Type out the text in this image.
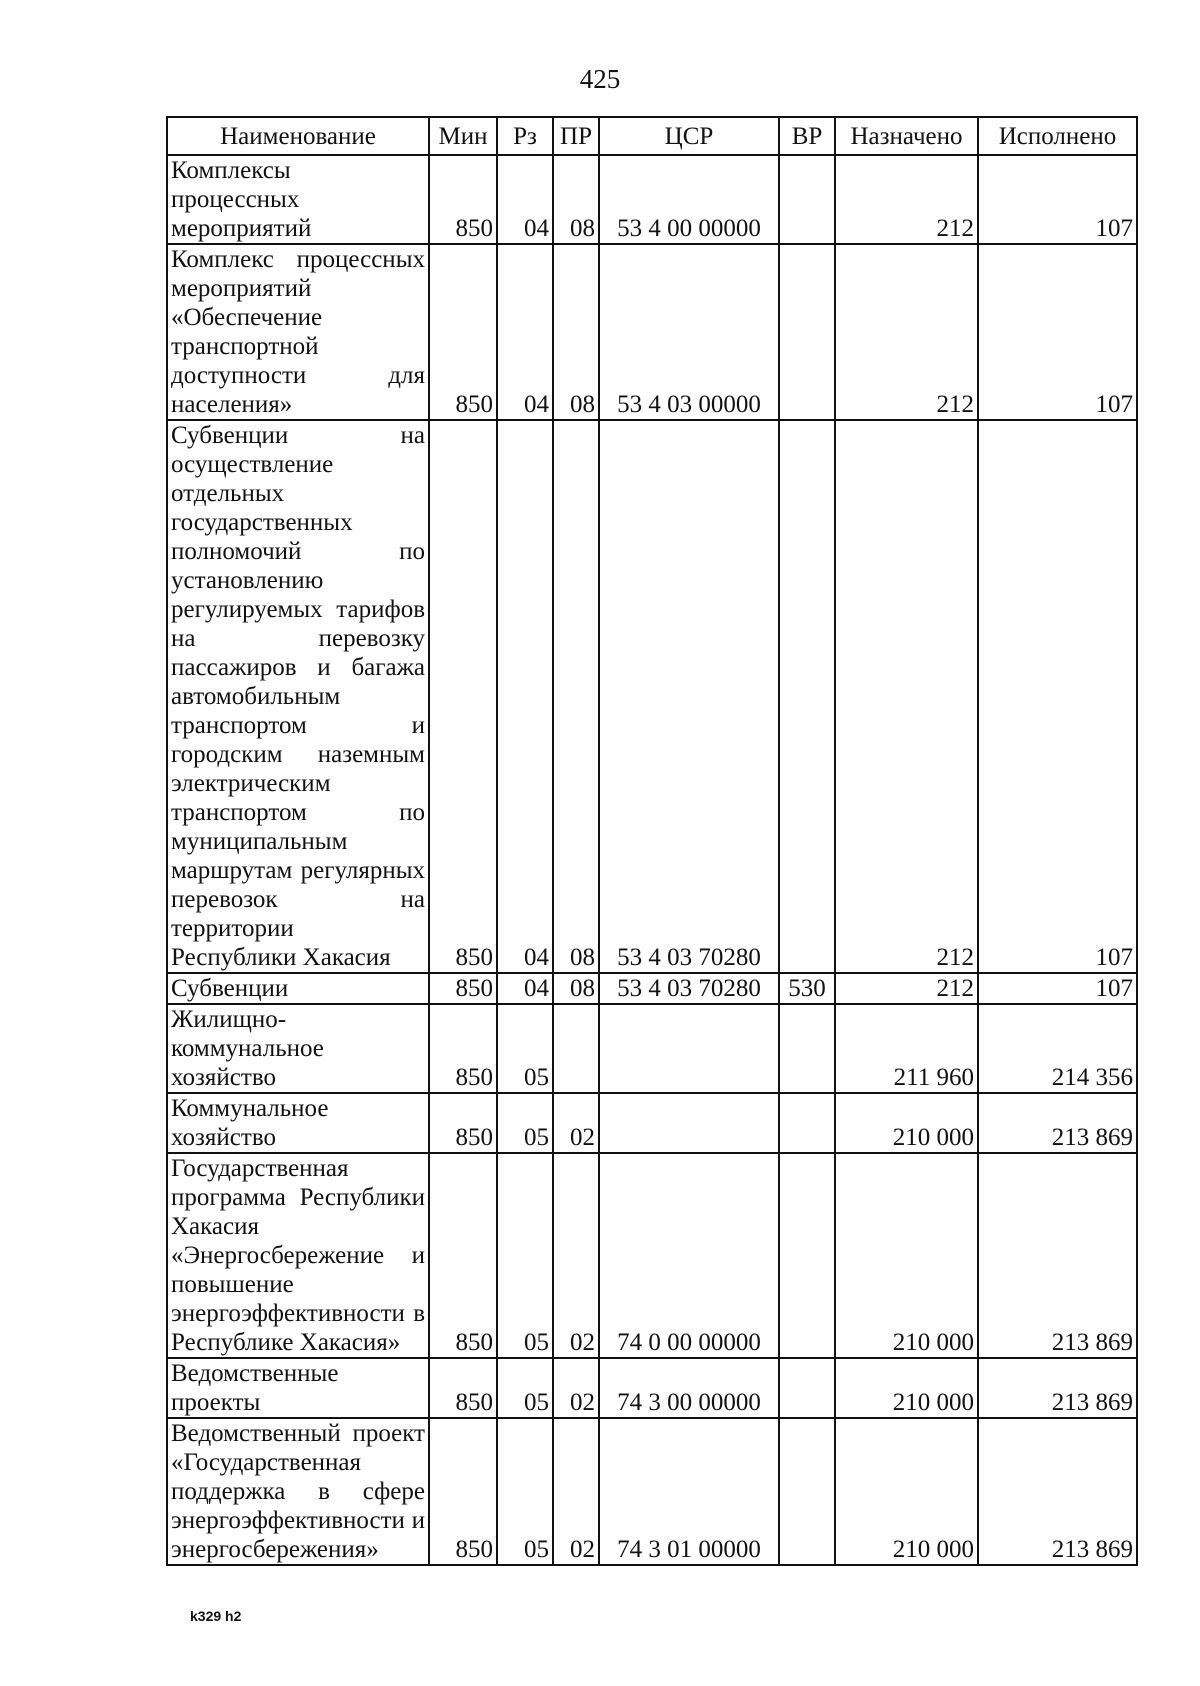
425
Наименование	Мин	Рз	ПР	ЦСР	ВР	Назначено	Исполнено
Комплексы процессных мероприятий	850	04	08	53 4 00 00000		212	107
Комплекс процессных мероприятий «Обеспечение транспортной доступности для населения»	850	04	08	53 4 03 00000		212	107
Субвенции на осуществление отдельных государственных полномочий по установлению регулируемых тарифов на перевозку пассажиров и багажа автомобильным транспортом и городским наземным электрическим транспортом по муниципальным маршрутам регулярных перевозок на территории Республики Хакасия	850	04	08	53 4 03 70280		212	107
Субвенции	850	04	08	53 4 03 70280	530	212	107
Жилищно-коммунальное хозяйство	850	05				211 960	214 356
Коммунальное хозяйство	850	05	02			210 000	213 869
Государственная программа Республики Хакасия «Энергосбережение и повышение энергоэффективности в Республике Хакасия»	850	05	02	74 0 00 00000		210 000	213 869
Ведомственные проекты	850	05	02	74 3 00 00000		210 000	213 869
Ведомственный проект «Государственная поддержка в сфере энергоэффективности и энергосбережения»	850	05	02	74 3 01 00000		210 000	213 869
k329 h2
